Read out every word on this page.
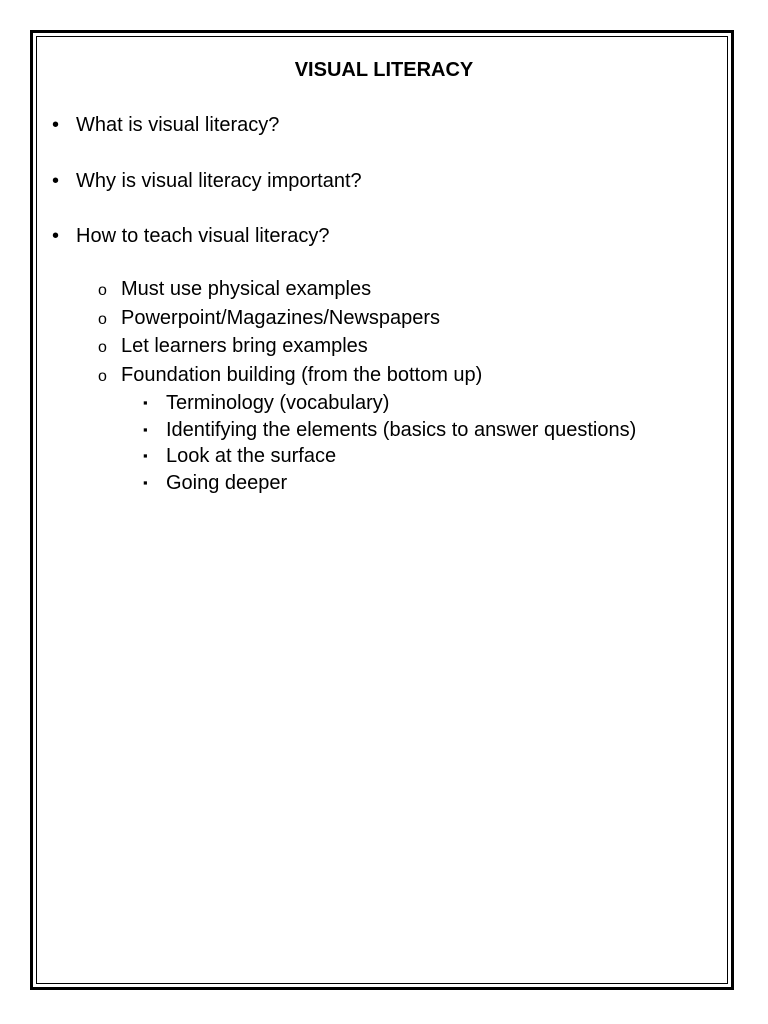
VISUAL LITERACY
• What is visual literacy?
• Why is visual literacy important?
• How to teach visual literacy?
o Must use physical examples
o Powerpoint/Magazines/Newspapers
o Let learners bring examples
o Foundation building (from the bottom up)
▪ Terminology (vocabulary)
▪ Identifying the elements (basics to answer questions)
▪ Look at the surface
▪ Going deeper
